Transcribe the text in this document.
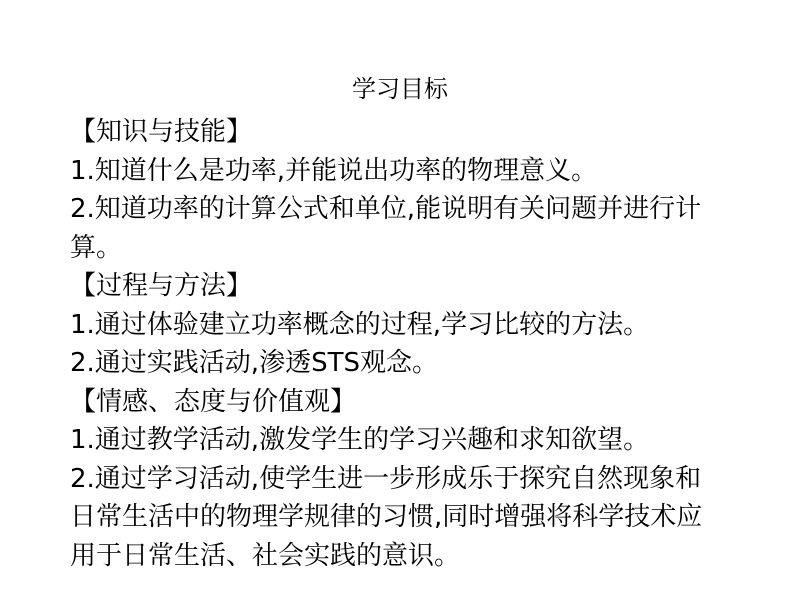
学习目标

【知识与技能】

1.知道什么是功率,并能说出功率的物理意义。

2.知道功率的计算公式和单位,能说明有关问题并进行计

算。

【过程与方法】

1.通过体验建立功率概念的过程,学习比较的方法。

2.通过实践活动,渗透STS观念。

【情感、态度与价值观】

1.通过教学活动,激发学生的学习兴趣和求知欲望。

2.通过学习活动,使学生进一步形成乐于探究自然现象和

日常生活中的物理学规律的习惯,同时增强将科学技术应

用于日常生活、社会实践的意识。
